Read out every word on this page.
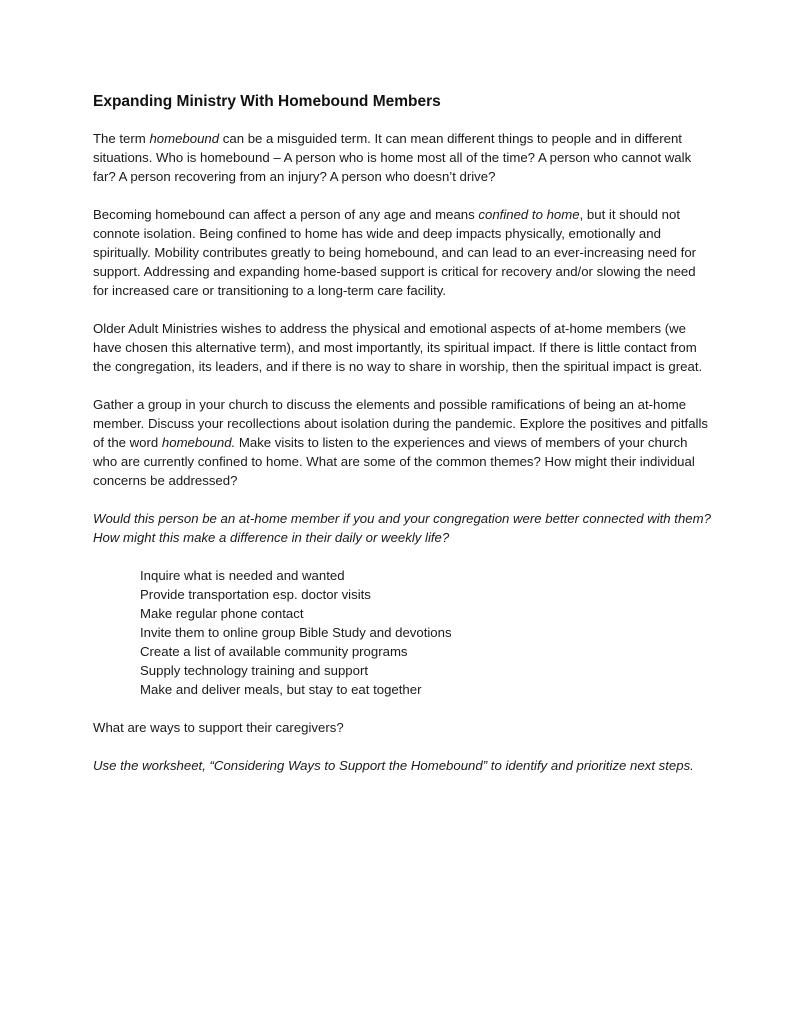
Expanding Ministry With Homebound Members

The term homebound can be a misguided term. It can mean different things to people and in different situations. Who is homebound – A person who is home most all of the time? A person who cannot walk far? A person recovering from an injury? A person who doesn’t drive?

Becoming homebound can affect a person of any age and means confined to home, but it should not connote isolation. Being confined to home has wide and deep impacts physically, emotionally and spiritually. Mobility contributes greatly to being homebound, and can lead to an ever-increasing need for support. Addressing and expanding home-based support is critical for recovery and/or slowing the need for increased care or transitioning to a long-term care facility.

Older Adult Ministries wishes to address the physical and emotional aspects of at-home members (we have chosen this alternative term), and most importantly, its spiritual impact. If there is little contact from the congregation, its leaders, and if there is no way to share in worship, then the spiritual impact is great.

Gather a group in your church to discuss the elements and possible ramifications of being an at-home member. Discuss your recollections about isolation during the pandemic. Explore the positives and pitfalls of the word homebound. Make visits to listen to the experiences and views of members of your church who are currently confined to home. What are some of the common themes? How might their individual concerns be addressed?

Would this person be an at-home member if you and your congregation were better connected with them? How might this make a difference in their daily or weekly life?

Inquire what is needed and wanted
Provide transportation esp. doctor visits
Make regular phone contact
Invite them to online group Bible Study and devotions
Create a list of available community programs
Supply technology training and support
Make and deliver meals, but stay to eat together

What are ways to support their caregivers?

Use the worksheet, “Considering Ways to Support the Homebound” to identify and prioritize next steps.
